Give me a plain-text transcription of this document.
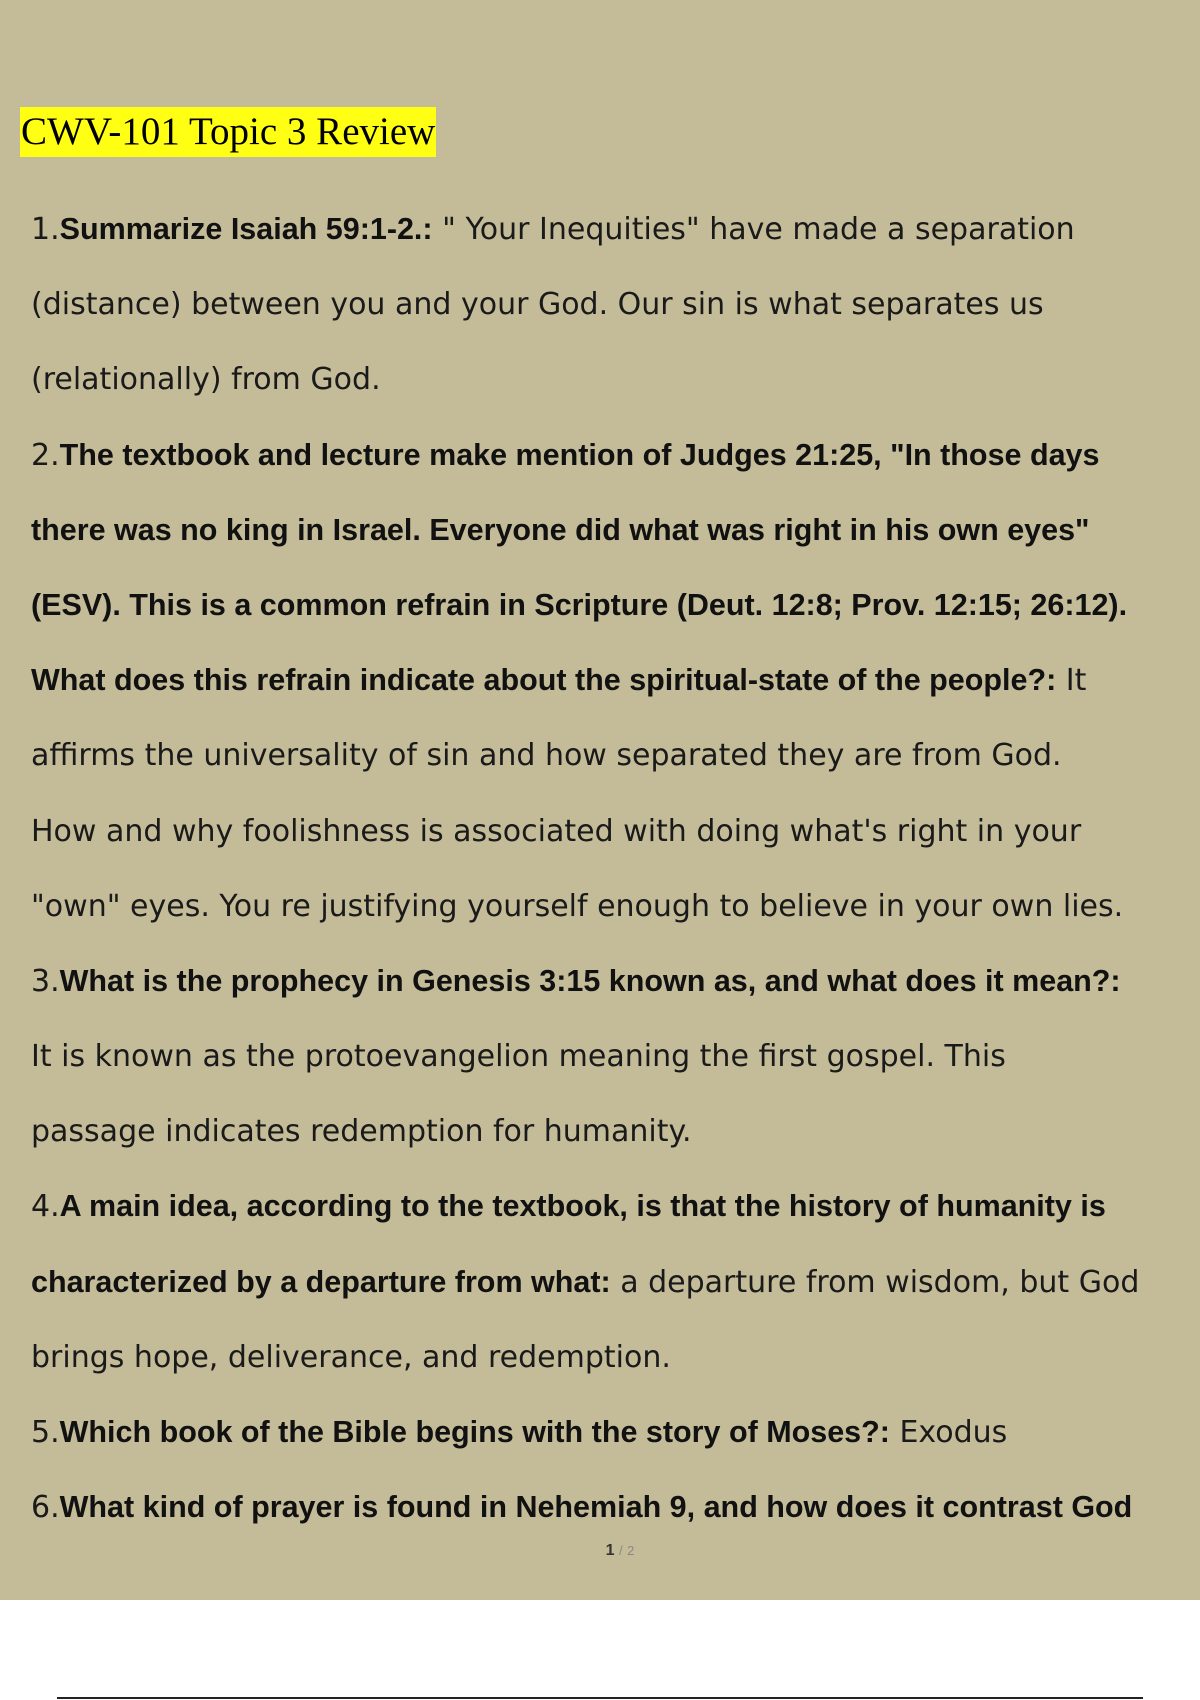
CWV-101 Topic 3 Review
1.Summarize Isaiah 59:1-2.: " Your Inequities" have made a separation
(distance) between you and your God. Our sin is what separates us
(relationally) from God.
2.The textbook and lecture make mention of Judges 21:25, "In those days
there was no king in Israel. Everyone did what was right in his own eyes"
(ESV). This is a common refrain in Scripture (Deut. 12:8; Prov. 12:15; 26:12).
What does this refrain indicate about the spiritual-state of the people?: It
affirms the universality of sin and how separated they are from God.
How and why foolishness is associated with doing what's right in your
"own" eyes. You re justifying yourself enough to believe in your own lies.
3.What is the prophecy in Genesis 3:15 known as, and what does it mean?:
It is known as the protoevangelion meaning the first gospel. This
passage indicates redemption for humanity.
4.A main idea, according to the textbook, is that the history of humanity is
characterized by a departure from what: a departure from wisdom, but God
brings hope, deliverance, and redemption.
5.Which book of the Bible begins with the story of Moses?: Exodus
6.What kind of prayer is found in Nehemiah 9, and how does it contrast God
1 / 2
